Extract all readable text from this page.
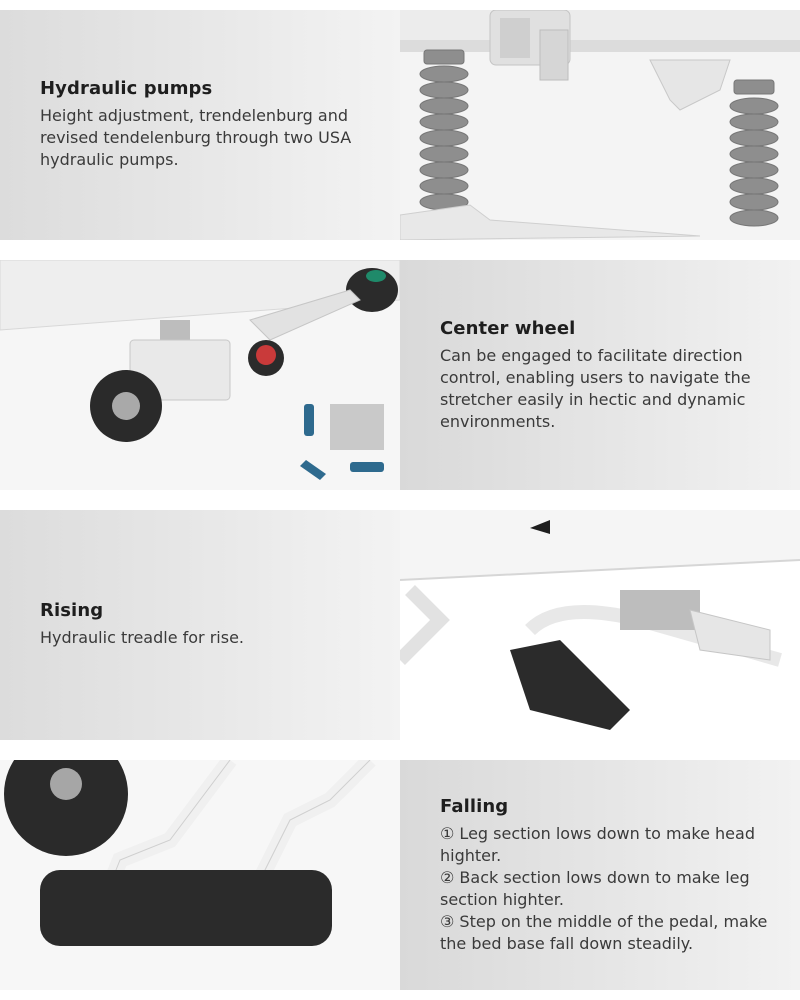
Hydraulic pumps
Height adjustment, trendelenburg and revised tendelenburg through two USA hydraulic pumps.
Center wheel
Can be engaged to facilitate direction control, enabling users to navigate the stretcher easily in hectic and dynamic environments.
Rising
Hydraulic treadle for rise.
Falling
① Leg section lows down to make head highter.
② Back section lows down to make leg section highter.
③ Step on the middle of the pedal, make the bed base fall down steadily.
